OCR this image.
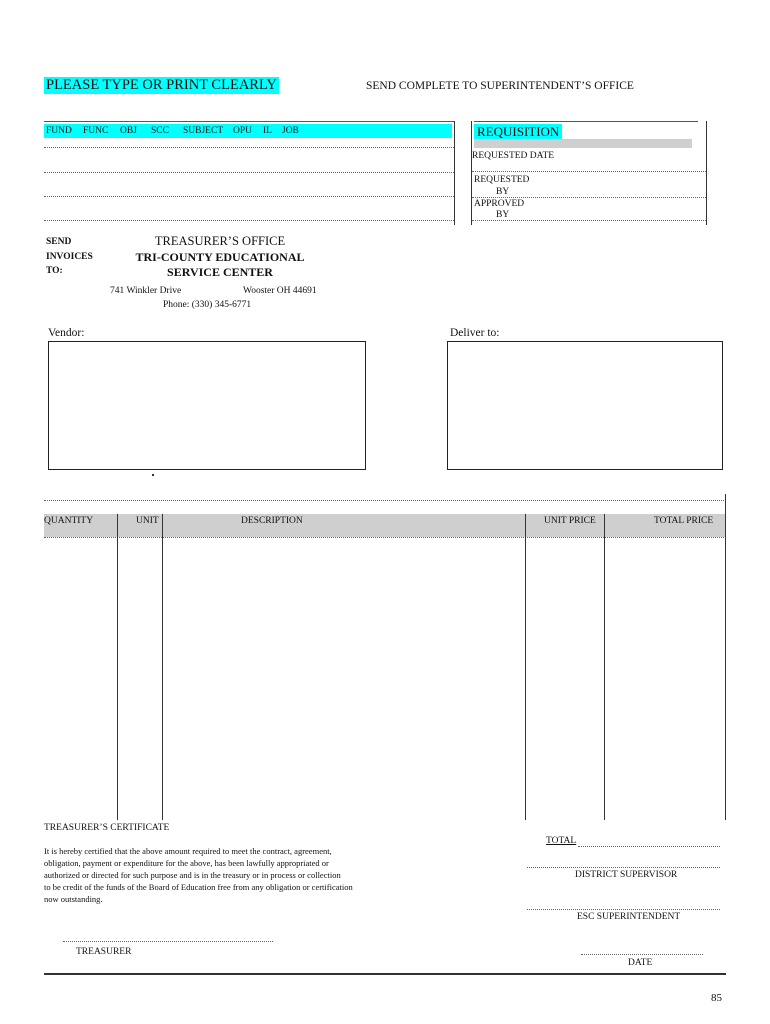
PLEASE TYPE OR PRINT CLEARLY	SEND COMPLETE TO SUPERINTENDENT’S OFFICE
FUND FUNC OBJ SCC SUBJECT OPU IL JOB	REQUISITION
REQUESTED DATE
REQUESTED
BY
APPROVED
BY
SEND
INVOICES
TO:
TREASURER’S OFFICE
TRI-COUNTY EDUCATIONAL
SERVICE CENTER
741 Winkler Drive	Wooster OH 44691
Phone: (330) 345-6771
Vendor:	Deliver to:
QUANTITY	UNIT	DESCRIPTION	UNIT PRICE	TOTAL PRICE
TREASURER’S CERTIFICATE
It is hereby certified that the above amount required to meet the contract, agreement,
obligation, payment or expenditure for the above, has been lawfully appropriated or
authorized or directed for such purpose and is in the treasury or in process or collection
to be credit of the funds of the Board of Education free from any obligation or certification
now outstanding.
TREASURER
TOTAL
DISTRICT SUPERVISOR
ESC SUPERINTENDENT
DATE
85
